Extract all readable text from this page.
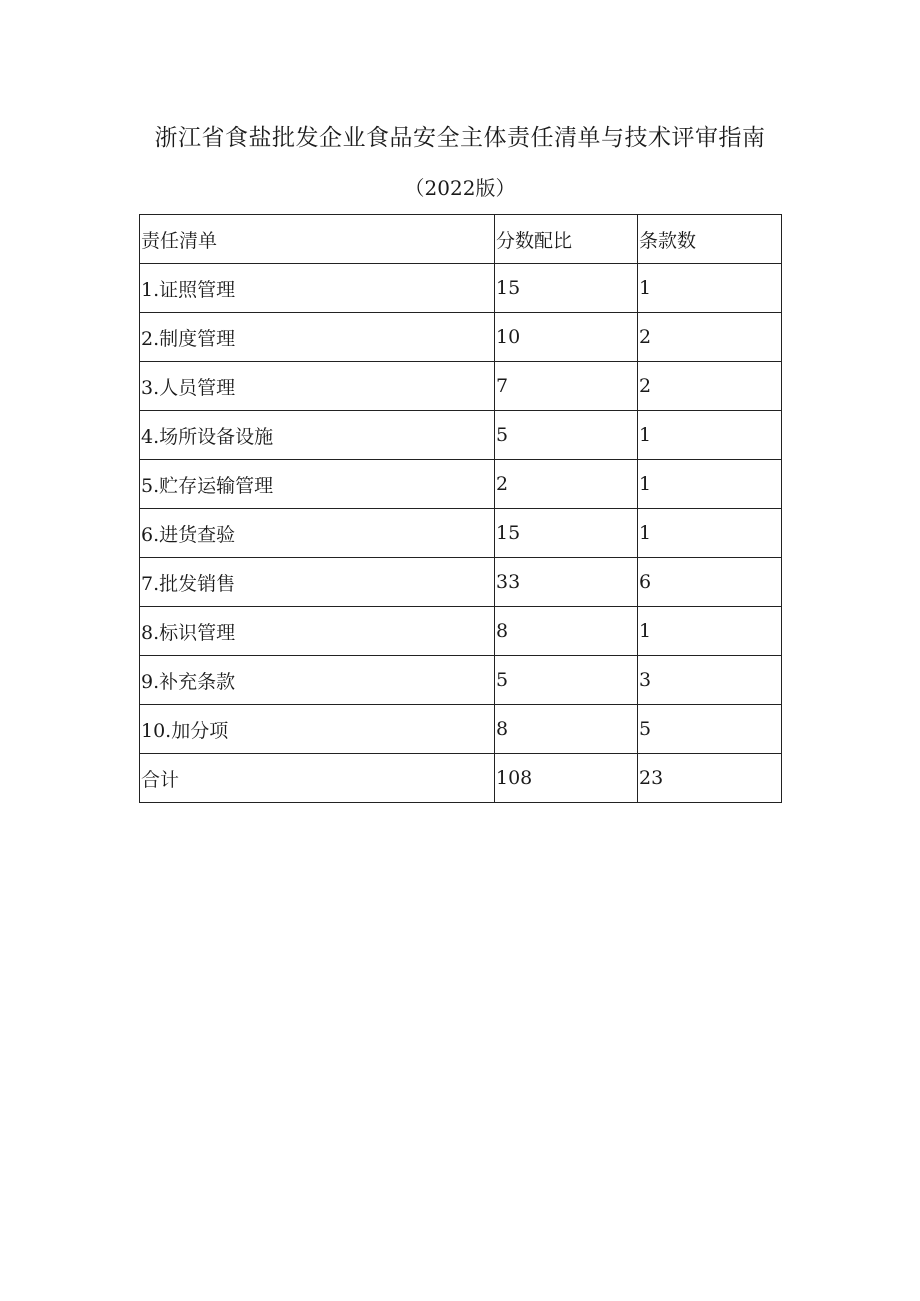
浙江省食盐批发企业食品安全主体责任清单与技术评审指南
（2022版）
责任清单	分数配比	条款数
1.证照管理	15	1
2.制度管理	10	2
3.人员管理	7	2
4.场所设备设施	5	1
5.贮存运输管理	2	1
6.进货查验	15	1
7.批发销售	33	6
8.标识管理	8	1
9.补充条款	5	3
10.加分项	8	5
合计	108	23
